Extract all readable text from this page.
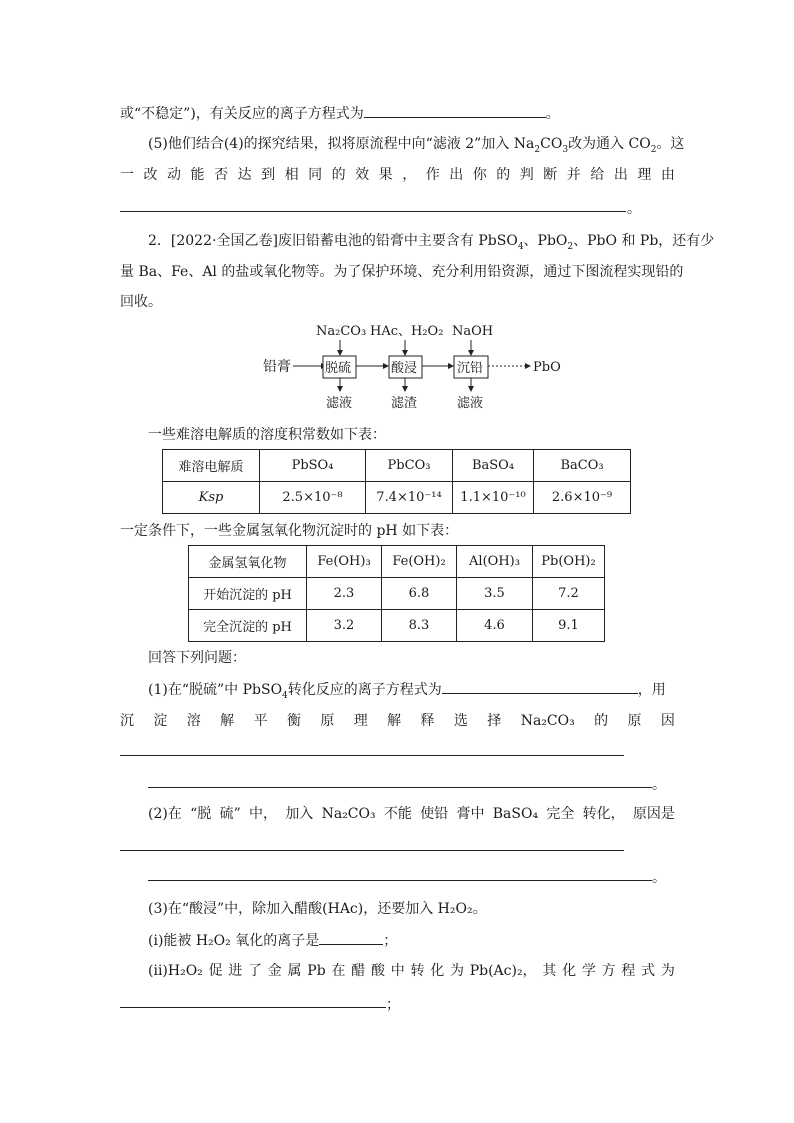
或“不稳定”)，有关反应的离子方程式为	。
(5)他们结合(4)的探究结果，拟将原流程中向“滤液 2”加入 $Na_2CO_3$改为通入 $CO_2$。这
一 改 动 能 否 达 到 相 同 的 效 果 ， 作 出 你 的 判 断 并 给 出 理 由
。
2．[2022·全国乙卷]废旧铅蓄电池的铅膏中主要含有 PbSO$_4$、PbO$_2$、PbO 和 Pb，还有少
量 Ba、Fe、Al 的盐或氧化物等。为了保护环境、充分利用铅资源，通过下图流程实现铅的
回收。
铅膏
Na₂CO₃
脱硫
滤液
HAc、H₂O₂
酸浸
滤渣
NaOH
沉铅
滤液
PbO
一些难溶电解质的溶度积常数如下表：
难溶电解质	PbSO₄	PbCO₃	BaSO₄	BaCO₃
Ksp	2.5×10⁻⁸	7.4×10⁻¹⁴	1.1×10⁻¹⁰	2.6×10⁻⁹
一定条件下，一些金属氢氧化物沉淀时的 pH 如下表：
金属氢氧化物	Fe(OH)₃	Fe(OH)₂	Al(OH)₃	Pb(OH)₂
开始沉淀的 pH	2.3	6.8	3.5	7.2
完全沉淀的 pH	3.2	8.3	4.6	9.1
回答下列问题：
(1)在“脱硫”中 PbSO$_4$转化反应的离子方程式为	，用
沉 淀 溶 解 平 衡 原 理 解 释 选 择 Na₂CO₃ 的 原 因
。
(2)在 “脱 硫” 中， 加入 Na₂CO₃ 不能 使铅 膏中 BaSO₄ 完全 转化， 原因是
。
(3)在“酸浸”中，除加入醋酸(HAc)，还要加入 H₂O₂。
(ⅰ)能被 H₂O₂ 氧化的离子是	；
(ⅱ)H₂O₂ 促 进 了 金 属 Pb 在 醋 酸 中 转 化 为 Pb(Ac)₂， 其 化 学 方 程 式 为
；
